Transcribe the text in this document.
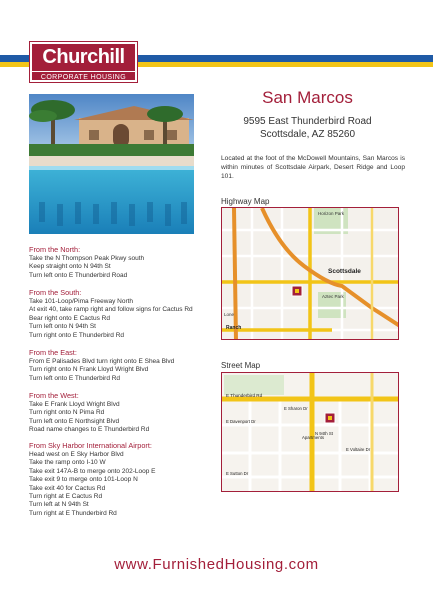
Churchill
CORPORATE HOUSING
San Marcos
9595 East Thunderbird Road
Scottsdale, AZ 85260
Located at the foot of the McDowell Mountains, San Marcos is within minutes of Scottsdale Airpark, Desert Ridge and Loop 101.
Highway Map
Scottsdale
Aztec Park
Horizon Park
Ranch
Lone
Street Map
E Thunderbird Rd
N 94th St
E Davenport Dr
E Voltaire Dr
E Sutton Dr
E Sharon Dr
Apartments
From the North:
Take the N Thompson Peak Pkwy south
Keep straight onto N 94th St
Turn left onto E Thunderbird Road
From the South:
Take 101-Loop/Pima Freeway North
At exit 40, take ramp right and follow signs for Cactus Rd
Bear right onto E Cactus Rd
Turn left onto N 94th St
Turn right onto E Thunderbird Rd
From the East:
From E Palisades Blvd turn right onto E Shea Blvd
Turn right onto N Frank Lloyd Wright Blvd
Turn left onto E Thunderbird Rd
From the West:
Take E Frank Lloyd Wright Blvd
Turn right onto N Pima Rd
Turn left onto E Northsight Blvd
Road name changes to E Thunderbird Rd
From Sky Harbor International Airport:
Head west on E Sky Harbor Blvd
Take the ramp onto I-10 W
Take exit 147A-B to merge onto 202-Loop E
Take exit 9 to merge onto 101-Loop N
Take exit 40 for Cactus Rd
Turn right at E Cactus Rd
Turn left at N 94th St
Turn right at E Thunderbird Rd
www.FurnishedHousing.com
